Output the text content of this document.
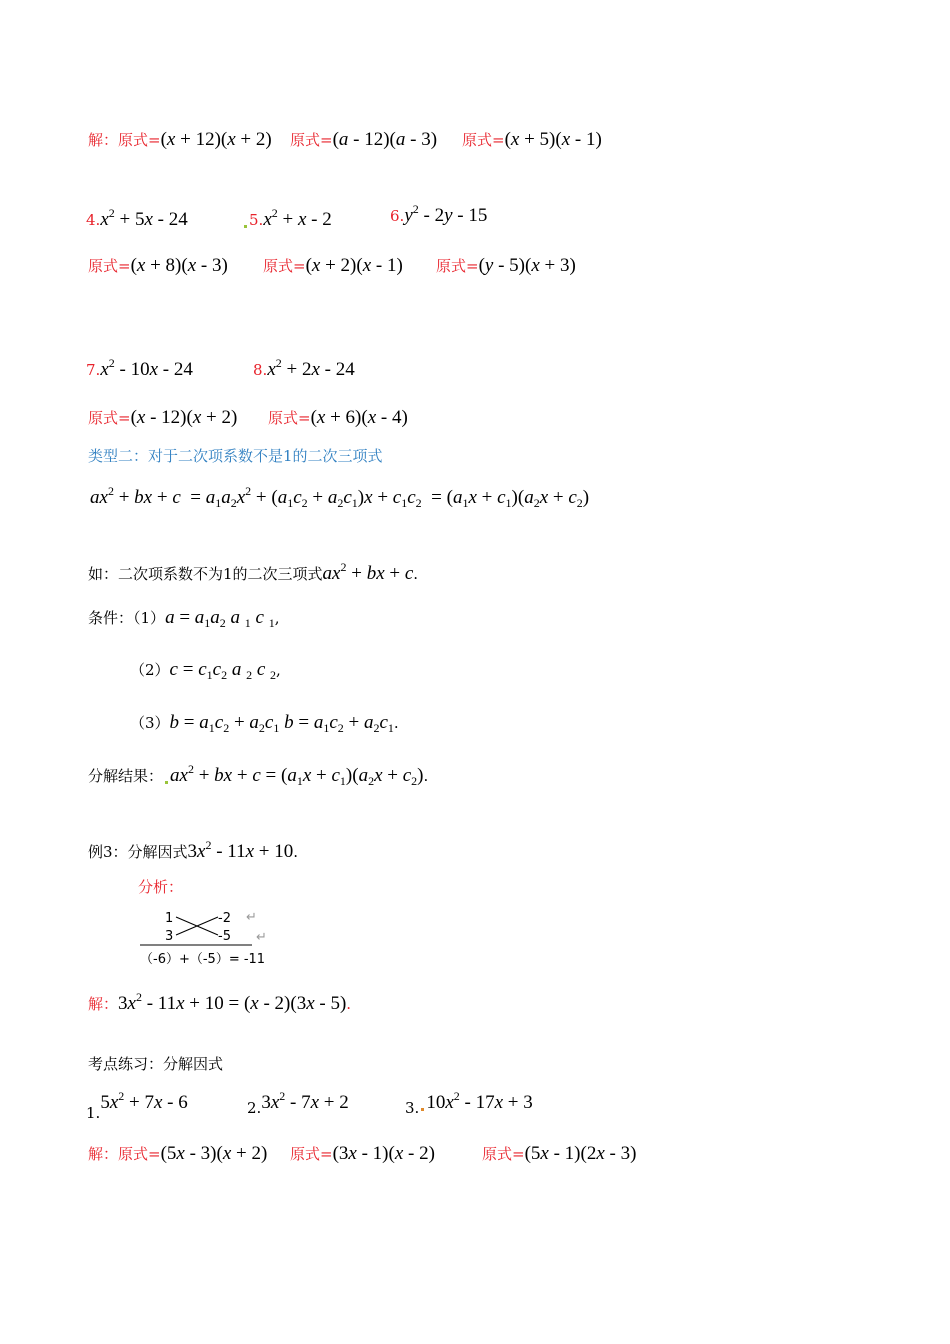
解：原式=(x + 12)(x + 2) 原式=(a - 12)(a - 3) 原式=(x + 5)(x - 1)
$4.x^2 + 5x - 24$	$5.x^2 + x - 2$	$6.y^2 - 2y - 15$
原式=(x + 8)(x - 3) 原式=(x + 2)(x - 1) 原式=(y - 5)(x + 3)
$7.x^2 - 10x - 24$	$8.x^2 + 2x - 24$
原式=(x - 12)(x + 2) 原式=(x + 6)(x - 4)
类型二：对于二次项系数不是1的二次三项式
$ax^2$ + bx + $c = a_1a_2x^2 + (a_1c_2 + a_2c_1)x + c_1c_2 = (a_1x + c_1)(a_2x + c_2)$
如：二次项系数不为1的二次三项式$ax^2$ + bx + c.
条件：$(1)a = a_1a_2$ a $_1$ c $_1$,
$(2)c = c_1c_2$ a $_2$ c $_2$,
$(3)b = a_1c_2 + a_2c_1$ $b = a_1c_2 + a_2c_1$.
分解结果： $ax^2$ + bx + $c = (a_1x + c_1)(a_2x + c_2)$.
例3：分解因式$3x^2 - 11x + 10$.
分析：
1	-2 ↵
3	-5 ↵
（-6）+（-5）= -11
解：$3x^2 - 11x + 10 = (x - 2)(3x - 5)$.
考点练习：分解因式
$1.5x^2 + 7x - 6$	$2.3x^2 - 7x + 2$	3. $10x^2 - 17x + 3$
解：原式=(5x - 3)(x + 2) 原式=(3x - 1)(x - 2)	原式=(5x - 1)(2x - 3)
